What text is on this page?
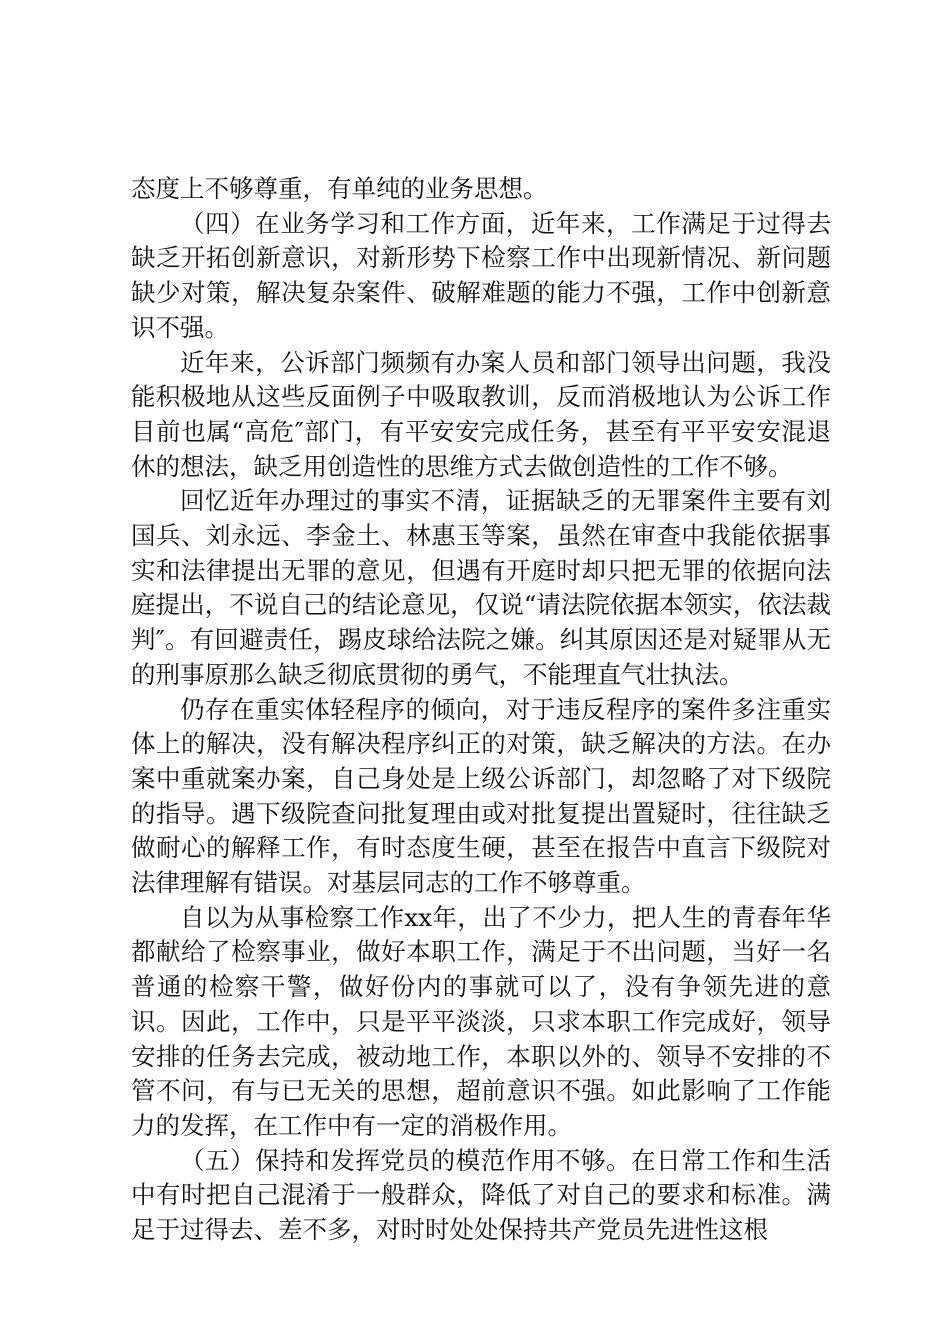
态度上不够尊重，有单纯的业务思想。

（四）在业务学习和工作方面，近年来，工作满足于过得去缺乏开拓创新意识，对新形势下检察工作中出现新情况、新问题缺少对策，解决复杂案件、破解难题的能力不强，工作中创新意识不强。

近年来，公诉部门频频有办案人员和部门领导出问题，我没能积极地从这些反面例子中吸取教训，反而消极地认为公诉工作目前也属“高危″部门，有平安安完成任务，甚至有平平安安混退休的想法，缺乏用创造性的思维方式去做创造性的工作不够。

回忆近年办理过的事实不清，证据缺乏的无罪案件主要有刘国兵、刘永远、李金土、林惠玉等案，虽然在审查中我能依据事实和法律提出无罪的意见，但遇有开庭时却只把无罪的依据向法庭提出，不说自己的结论意见，仅说“请法院依据本领实，依法裁判″。有回避责任，踢皮球给法院之嫌。纠其原因还是对疑罪从无的刑事原那么缺乏彻底贯彻的勇气，不能理直气壮执法。

仍存在重实体轻程序的倾向，对于违反程序的案件多注重实体上的解决，没有解决程序纠正的对策，缺乏解决的方法。在办案中重就案办案，自己身处是上级公诉部门，却忽略了对下级院的指导。遇下级院查问批复理由或对批复提出置疑时，往往缺乏做耐心的解释工作，有时态度生硬，甚至在报告中直言下级院对法律理解有错误。对基层同志的工作不够尊重。

自以为从事检察工作xx年，出了不少力，把人生的青春年华都献给了检察事业，做好本职工作，满足于不出问题，当好一名普通的检察干警，做好份内的事就可以了，没有争领先进的意识。因此，工作中，只是平平淡淡，只求本职工作完成好，领导安排的任务去完成，被动地工作，本职以外的、领导不安排的不管不问，有与已无关的思想，超前意识不强。如此影响了工作能力的发挥，在工作中有一定的消极作用。

（五）保持和发挥党员的模范作用不够。在日常工作和生活中有时把自己混淆于一般群众，降低了对自己的要求和标准。满足于过得去、差不多，对时时处处保持共产党员先进性这根
